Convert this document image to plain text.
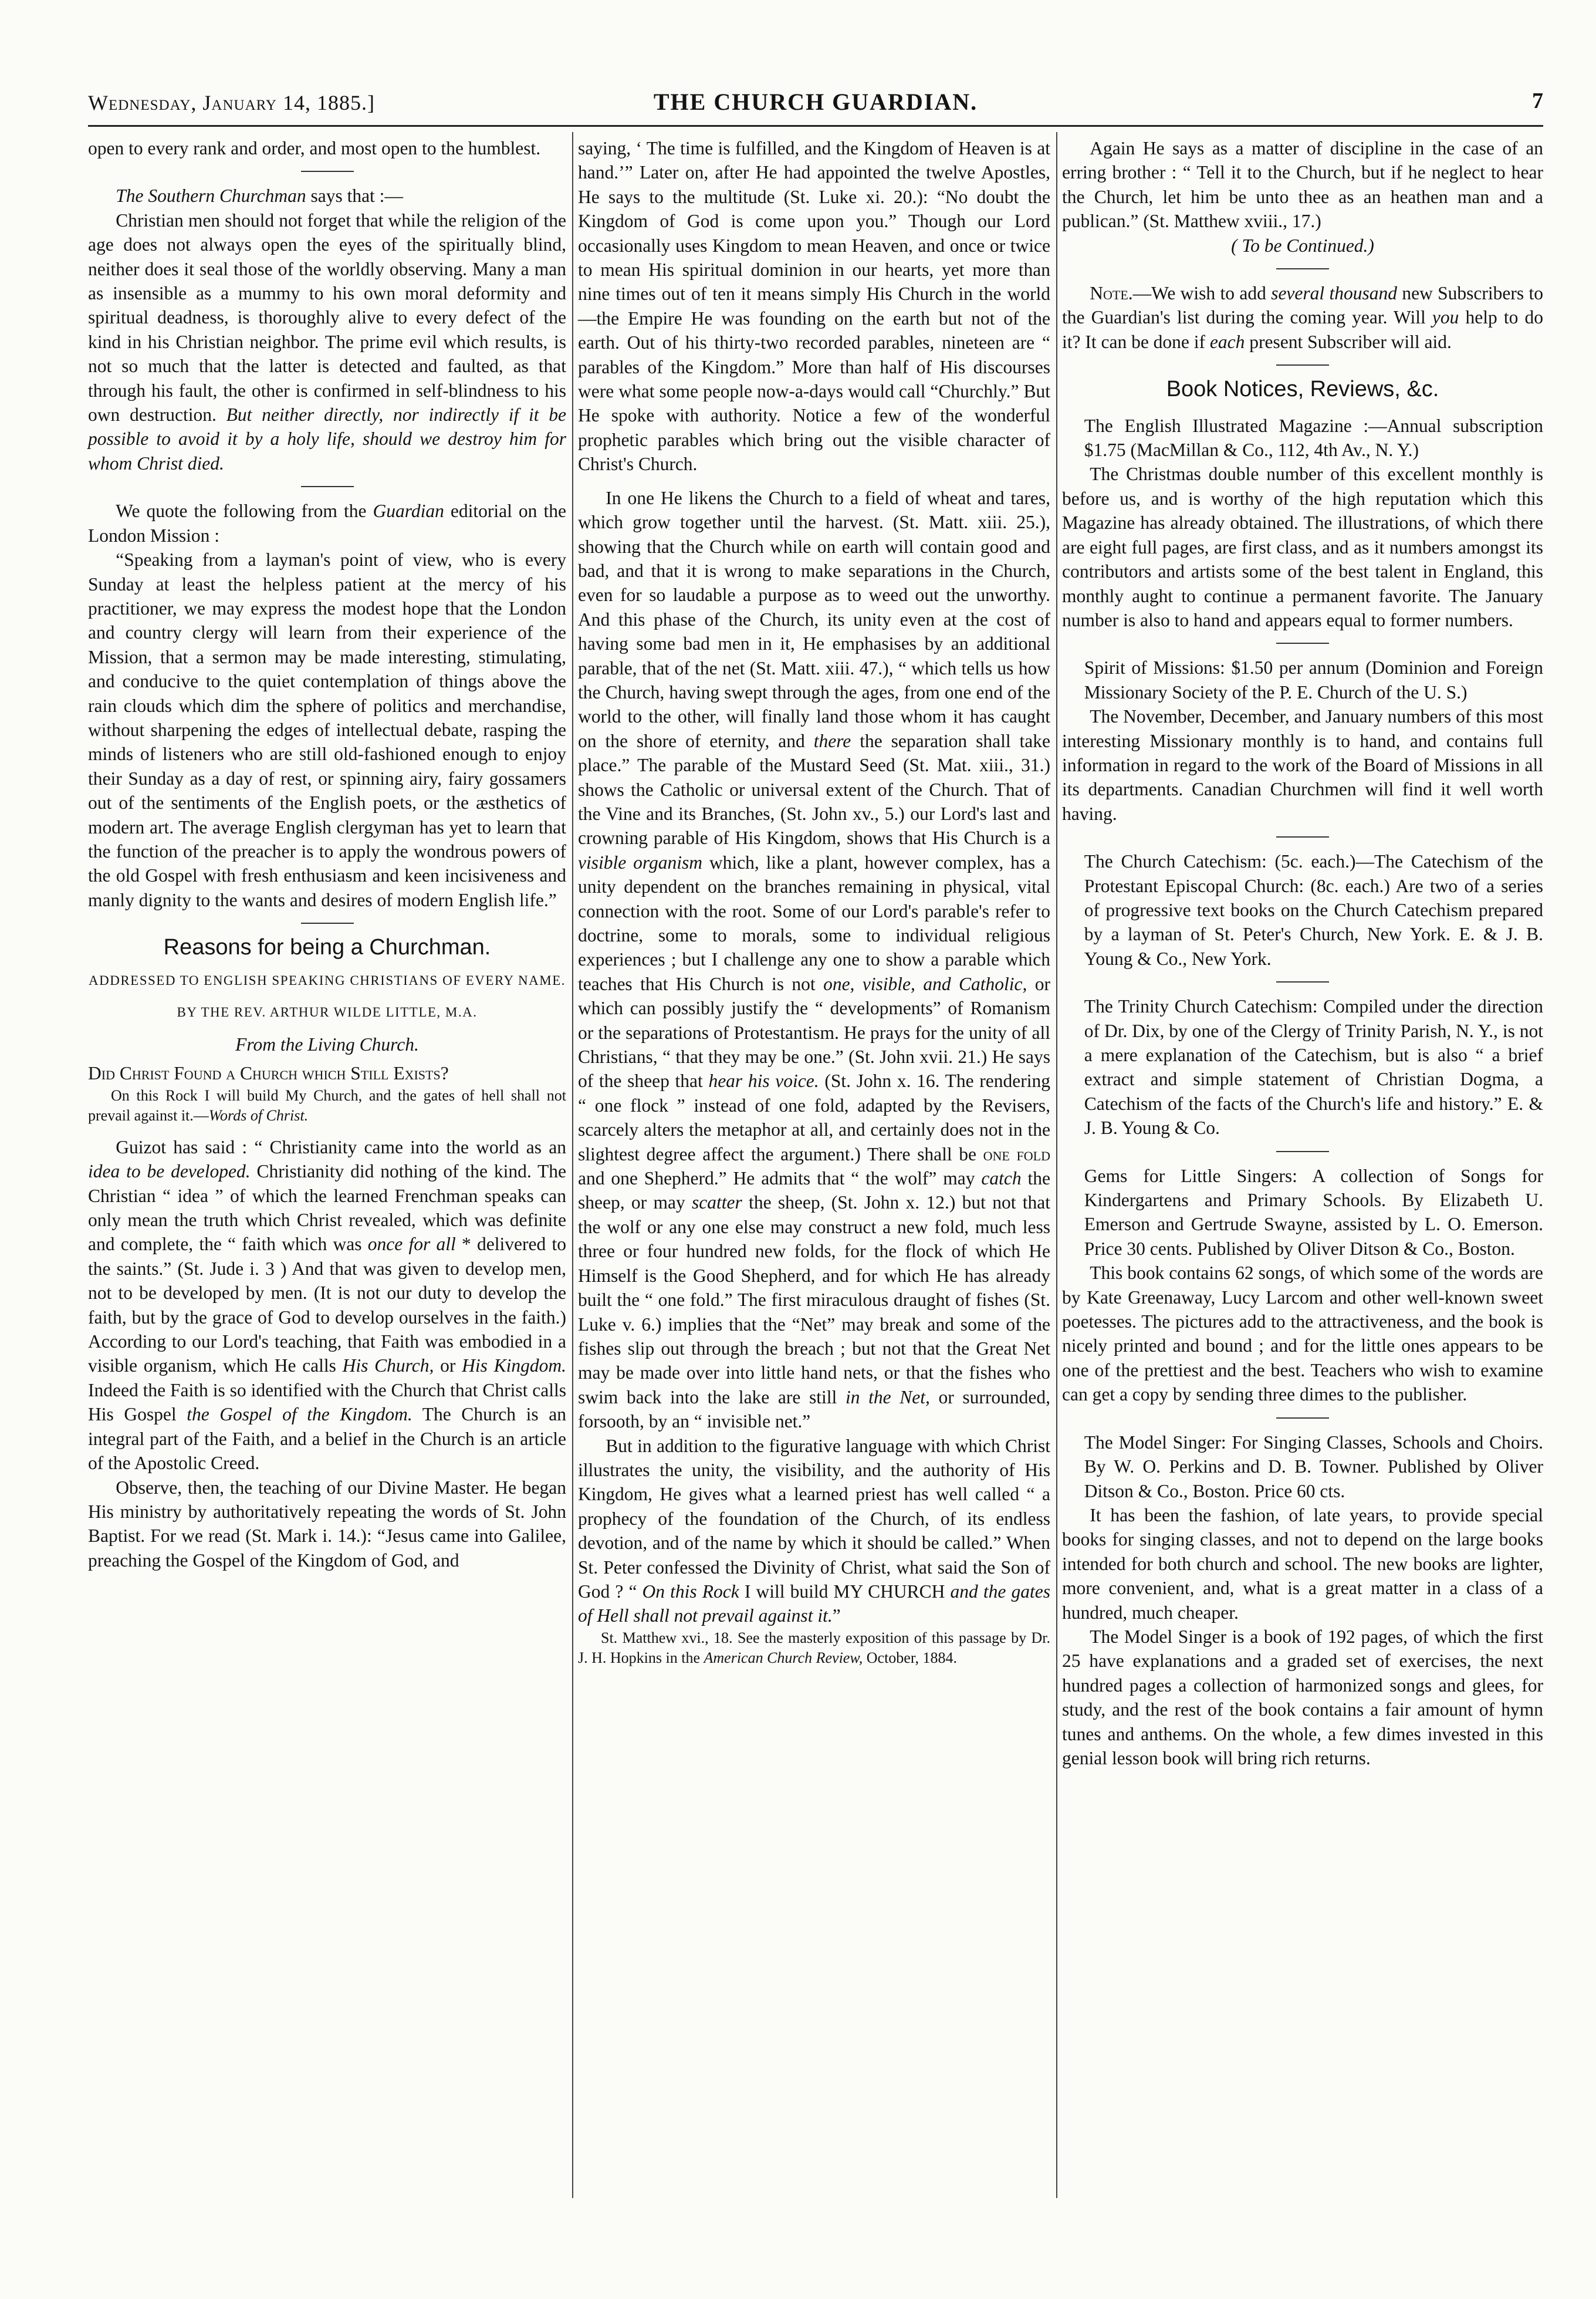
Wednesday, January 14, 1885.]	THE CHURCH GUARDIAN.	7

open to every rank and order, and most open to the humblest.

The Southern Churchman says that :—

Christian men should not forget that while the religion of the age does not always open the eyes of the spiritually blind, neither does it seal those of the worldly observing. Many a man as insensible as a mummy to his own moral deformity and spiritual deadness, is thoroughly alive to every defect of the kind in his Christian neighbor. The prime evil which results, is not so much that the latter is detected and faulted, as that through his fault, the other is confirmed in self-blindness to his own destruction. But neither directly, nor indirectly if it be possible to avoid it by a holy life, should we destroy him for whom Christ died.

We quote the following from the Guardian editorial on the London Mission :

“Speaking from a layman's point of view, who is every Sunday at least the helpless patient at the mercy of his practitioner, we may express the modest hope that the London and country clergy will learn from their experience of the Mission, that a sermon may be made interesting, stimulating, and conducive to the quiet contemplation of things above the rain clouds which dim the sphere of politics and merchandise, without sharpening the edges of intellectual debate, rasping the minds of listeners who are still old-fashioned enough to enjoy their Sunday as a day of rest, or spinning airy, fairy gossamers out of the sentiments of the English poets, or the æsthetics of modern art. The average English clergyman has yet to learn that the function of the preacher is to apply the wondrous powers of the old Gospel with fresh enthusiasm and keen incisiveness and manly dignity to the wants and desires of modern English life.”

Reasons for being a Churchman.
ADDRESSED TO ENGLISH SPEAKING CHRISTIANS OF EVERY NAME.
BY THE REV. ARTHUR WILDE LITTLE, M.A.
From the Living Church.

Did Christ Found a Church which Still Exists?

On this Rock I will build My Church, and the gates of hell shall not prevail against it.—Words of Christ.

Guizot has said : “ Christianity came into the world as an idea to be developed. Christianity did nothing of the kind. The Christian “ idea ” of which the learned Frenchman speaks can only mean the truth which Christ revealed, which was definite and complete, the “ faith which was once for all * delivered to the saints.” (St. Jude i. 3 ) And that was given to develop men, not to be developed by men. (It is not our duty to develop the faith, but by the grace of God to develop ourselves in the faith.) According to our Lord's teaching, that Faith was embodied in a visible organism, which He calls His Church, or His Kingdom. Indeed the Faith is so identified with the Church that Christ calls His Gospel the Gospel of the Kingdom. The Church is an integral part of the Faith, and a belief in the Church is an article of the Apostolic Creed.

Observe, then, the teaching of our Divine Master. He began His ministry by authoritatively repeating the words of St. John Baptist. For we read (St. Mark i. 14.): “Jesus came into Galilee, preaching the Gospel of the Kingdom of God, and

saying, ‘ The time is fulfilled, and the Kingdom of Heaven is at hand.’” Later on, after He had appointed the twelve Apostles, He says to the multitude (St. Luke xi. 20.): “No doubt the Kingdom of God is come upon you.” Though our Lord occasionally uses Kingdom to mean Heaven, and once or twice to mean His spiritual dominion in our hearts, yet more than nine times out of ten it means simply His Church in the world —the Empire He was founding on the earth but not of the earth. Out of his thirty-two recorded parables, nineteen are “ parables of the Kingdom.” More than half of His discourses were what some people now-a-days would call “Churchly.” But He spoke with authority. Notice a few of the wonderful prophetic parables which bring out the visible character of Christ's Church.

In one He likens the Church to a field of wheat and tares, which grow together until the harvest. (St. Matt. xiii. 25.), showing that the Church while on earth will contain good and bad, and that it is wrong to make separations in the Church, even for so laudable a purpose as to weed out the unworthy. And this phase of the Church, its unity even at the cost of having some bad men in it, He emphasises by an additional parable, that of the net (St. Matt. xiii. 47.), “ which tells us how the Church, having swept through the ages, from one end of the world to the other, will finally land those whom it has caught on the shore of eternity, and there the separation shall take place.” The parable of the Mustard Seed (St. Mat. xiii., 31.) shows the Catholic or universal extent of the Church. That of the Vine and its Branches, (St. John xv., 5.) our Lord's last and crowning parable of His Kingdom, shows that His Church is a visible organism which, like a plant, however complex, has a unity dependent on the branches remaining in physical, vital connection with the root. Some of our Lord's parable's refer to doctrine, some to morals, some to individual religious experiences ; but I challenge any one to show a parable which teaches that His Church is not one, visible, and Catholic, or which can possibly justify the “ developments” of Romanism or the separations of Protestantism. He prays for the unity of all Christians, “ that they may be one.” (St. John xvii. 21.) He says of the sheep that hear his voice. (St. John x. 16. The rendering “ one flock ” instead of one fold, adapted by the Revisers, scarcely alters the metaphor at all, and certainly does not in the slightest degree affect the argument.) There shall be one fold and one Shepherd.” He admits that “ the wolf” may catch the sheep, or may scatter the sheep, (St. John x. 12.) but not that the wolf or any one else may construct a new fold, much less three or four hundred new folds, for the flock of which He Himself is the Good Shepherd, and for which He has already built the “ one fold.” The first miraculous draught of fishes (St. Luke v. 6.) implies that the “Net” may break and some of the fishes slip out through the breach ; but not that the Great Net may be made over into little hand nets, or that the fishes who swim back into the lake are still in the Net, or surrounded, forsooth, by an “ invisible net.”

But in addition to the figurative language with which Christ illustrates the unity, the visibility, and the authority of His Kingdom, He gives what a learned priest has well called “ a prophecy of the foundation of the Church, of its endless devotion, and of the name by which it should be called.” When St. Peter confessed the Divinity of Christ, what said the Son of God ? “ On this Rock I will build MY CHURCH and the gates of Hell shall not prevail against it.”

St. Matthew xvi., 18. See the masterly exposition of this passage by Dr. J. H. Hopkins in the American Church Review, October, 1884.

Again He says as a matter of discipline in the case of an erring brother : “ Tell it to the Church, but if he neglect to hear the Church, let him be unto thee as an heathen man and a publican.” (St. Matthew xviii., 17.)

( To be Continued.)

Note.—We wish to add several thousand new Subscribers to the Guardian's list during the coming year. Will you help to do it? It can be done if each present Subscriber will aid.

Book Notices, Reviews, &c.

The English Illustrated Magazine :—Annual subscription $1.75 (MacMillan & Co., 112, 4th Av., N. Y.)

The Christmas double number of this excellent monthly is before us, and is worthy of the high reputation which this Magazine has already obtained. The illustrations, of which there are eight full pages, are first class, and as it numbers amongst its contributors and artists some of the best talent in England, this monthly aught to continue a permanent favorite. The January number is also to hand and appears equal to former numbers.

Spirit of Missions: $1.50 per annum (Dominion and Foreign Missionary Society of the P. E. Church of the U. S.)

The November, December, and January numbers of this most interesting Missionary monthly is to hand, and contains full information in regard to the work of the Board of Missions in all its departments. Canadian Churchmen will find it well worth having.

The Church Catechism: (5c. each.)—The Catechism of the Protestant Episcopal Church: (8c. each.) Are two of a series of progressive text books on the Church Catechism prepared by a layman of St. Peter's Church, New York. E. & J. B. Young & Co., New York.

The Trinity Church Catechism: Compiled under the direction of Dr. Dix, by one of the Clergy of Trinity Parish, N. Y., is not a mere explanation of the Catechism, but is also “ a brief extract and simple statement of Christian Dogma, a Catechism of the facts of the Church's life and history.” E. & J. B. Young & Co.

Gems for Little Singers: A collection of Songs for Kindergartens and Primary Schools. By Elizabeth U. Emerson and Gertrude Swayne, assisted by L. O. Emerson. Price 30 cents. Published by Oliver Ditson & Co., Boston.

This book contains 62 songs, of which some of the words are by Kate Greenaway, Lucy Larcom and other well-known sweet poetesses. The pictures add to the attractiveness, and the book is nicely printed and bound ; and for the little ones appears to be one of the prettiest and the best. Teachers who wish to examine can get a copy by sending three dimes to the publisher.

The Model Singer: For Singing Classes, Schools and Choirs. By W. O. Perkins and D. B. Towner. Published by Oliver Ditson & Co., Boston. Price 60 cts.

It has been the fashion, of late years, to provide special books for singing classes, and not to depend on the large books intended for both church and school. The new books are lighter, more convenient, and, what is a great matter in a class of a hundred, much cheaper.

The Model Singer is a book of 192 pages, of which the first 25 have explanations and a graded set of exercises, the next hundred pages a collection of harmonized songs and glees, for study, and the rest of the book contains a fair amount of hymn tunes and anthems. On the whole, a few dimes invested in this genial lesson book will bring rich returns.
